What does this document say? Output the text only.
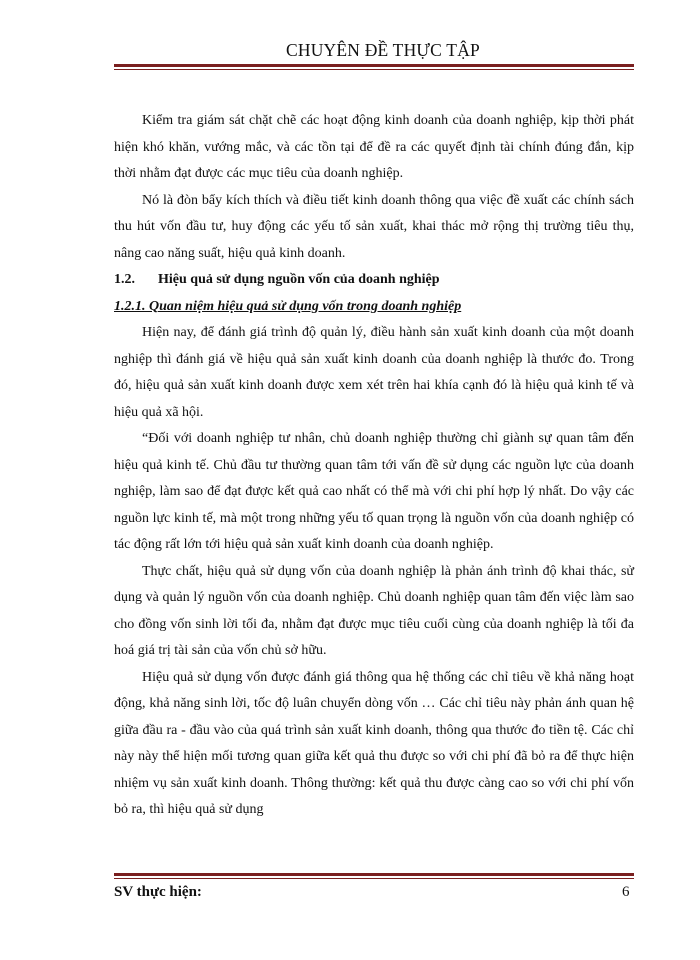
CHUYÊN ĐỀ THỰC TẬP

Kiểm tra giám sát chặt chẽ các hoạt động kinh doanh của doanh nghiệp, kịp thời phát hiện khó khăn, vướng mắc, và các tồn tại để đề ra các quyết định tài chính đúng đắn, kịp thời nhằm đạt được các mục tiêu của doanh nghiệp.

Nó là đòn bẩy kích thích và điều tiết kinh doanh thông qua việc đề xuất các chính sách thu hút vốn đầu tư, huy động các yếu tố sản xuất, khai thác mở rộng thị trường tiêu thụ, nâng cao năng suất, hiệu quả kinh doanh.

1.2.	Hiệu quả sử dụng nguồn vốn của doanh nghiệp
1.2.1. Quan niệm hiệu quả sử dụng vốn trong doanh nghiệp

Hiện nay, để đánh giá trình độ quản lý, điều hành sản xuất kinh doanh của một doanh nghiệp thì đánh giá về hiệu quả sản xuất kinh doanh của doanh nghiệp là thước đo. Trong đó, hiệu quả sản xuất kinh doanh được xem xét trên hai khía cạnh đó là hiệu quả kinh tế và hiệu quả xã hội.

“Đối với doanh nghiệp tư nhân, chủ doanh nghiệp thường chỉ giành sự quan tâm đến hiệu quả kinh tế. Chủ đầu tư thường quan tâm tới vấn đề sử dụng các nguồn lực của doanh nghiệp, làm sao để đạt được kết quả cao nhất có thể mà với chi phí hợp lý nhất. Do vậy các nguồn lực kinh tế, mà một trong những yếu tố quan trọng là nguồn vốn của doanh nghiệp có tác động rất lớn tới hiệu quả sản xuất kinh doanh của doanh nghiệp.

Thực chất, hiệu quả sử dụng vốn của doanh nghiệp là phản ánh trình độ khai thác, sử dụng và quản lý nguồn vốn của doanh nghiệp. Chủ doanh nghiệp quan tâm đến việc làm sao cho đồng vốn sinh lời tối đa, nhằm đạt được mục tiêu cuối cùng của doanh nghiệp là tối đa hoá giá trị tài sản của vốn chủ sở hữu.

Hiệu quả sử dụng vốn được đánh giá thông qua hệ thống các chỉ tiêu về khả năng hoạt động, khả năng sinh lời, tốc độ luân chuyển dòng vốn … Các chỉ tiêu này phản ánh quan hệ giữa đầu ra - đầu vào của quá trình sản xuất kinh doanh, thông qua thước đo tiền tệ. Các chỉ này này thể hiện mối tương quan giữa kết quả thu được so với chi phí đã bỏ ra để thực hiện nhiệm vụ sản xuất kinh doanh. Thông thường: kết quả thu được càng cao so với chi phí vốn bỏ ra, thì hiệu quả sử dụng

SV thực hiện:	6
